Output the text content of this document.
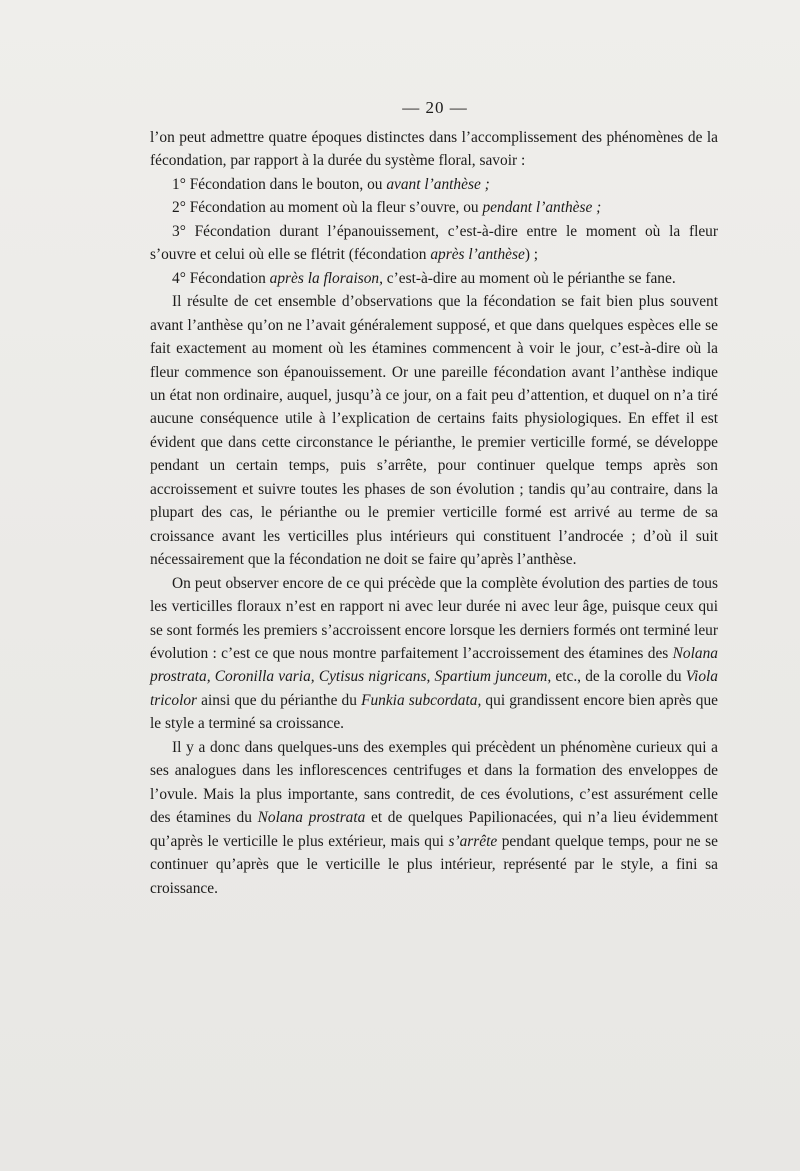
— 20 —

l’on peut admettre quatre époques distinctes dans l’accomplissement des phénomènes de la fécondation, par rapport à la durée du système floral, savoir :

1° Fécondation dans le bouton, ou avant l’anthèse ;

2° Fécondation au moment où la fleur s’ouvre, ou pendant l’anthèse ;

3° Fécondation durant l’épanouissement, c’est-à-dire entre le moment où la fleur s’ouvre et celui où elle se flétrit (fécondation après l’anthèse) ;

4° Fécondation après la floraison, c’est-à-dire au moment où le périanthe se fane.

Il résulte de cet ensemble d’observations que la fécondation se fait bien plus souvent avant l’anthèse qu’on ne l’avait généralement supposé, et que dans quelques espèces elle se fait exactement au moment où les étamines commencent à voir le jour, c’est-à-dire où la fleur commence son épanouissement. Or une pareille fécondation avant l’anthèse indique un état non ordinaire, auquel, jusqu’à ce jour, on a fait peu d’attention, et duquel on n’a tiré aucune conséquence utile à l’explication de certains faits physiologiques. En effet il est évident que dans cette circonstance le périanthe, le premier verticille formé, se développe pendant un certain temps, puis s’arrête, pour continuer quelque temps après son accroissement et suivre toutes les phases de son évolution ; tandis qu’au contraire, dans la plupart des cas, le périanthe ou le premier verticille formé est arrivé au terme de sa croissance avant les verticilles plus intérieurs qui constituent l’androcée ; d’où il suit nécessairement que la fécondation ne doit se faire qu’après l’anthèse.

On peut observer encore de ce qui précède que la complète évolution des parties de tous les verticilles floraux n’est en rapport ni avec leur durée ni avec leur âge, puisque ceux qui se sont formés les premiers s’accroissent encore lorsque les derniers formés ont terminé leur évolution : c’est ce que nous montre parfaitement l’accroissement des étamines des Nolana prostrata, Coronilla varia, Cytisus nigricans, Spartium junceum, etc., de la corolle du Viola tricolor ainsi que du périanthe du Funkia subcordata, qui grandissent encore bien après que le style a terminé sa croissance.

Il y a donc dans quelques-uns des exemples qui précèdent un phénomène curieux qui a ses analogues dans les inflorescences centrifuges et dans la formation des enveloppes de l’ovule. Mais la plus importante, sans contredit, de ces évolutions, c’est assurément celle des étamines du Nolana prostrata et de quelques Papilionacées, qui n’a lieu évidemment qu’après le verticille le plus extérieur, mais qui s’arrête pendant quelque temps, pour ne se continuer qu’après que le verticille le plus intérieur, représenté par le style, a fini sa croissance.
